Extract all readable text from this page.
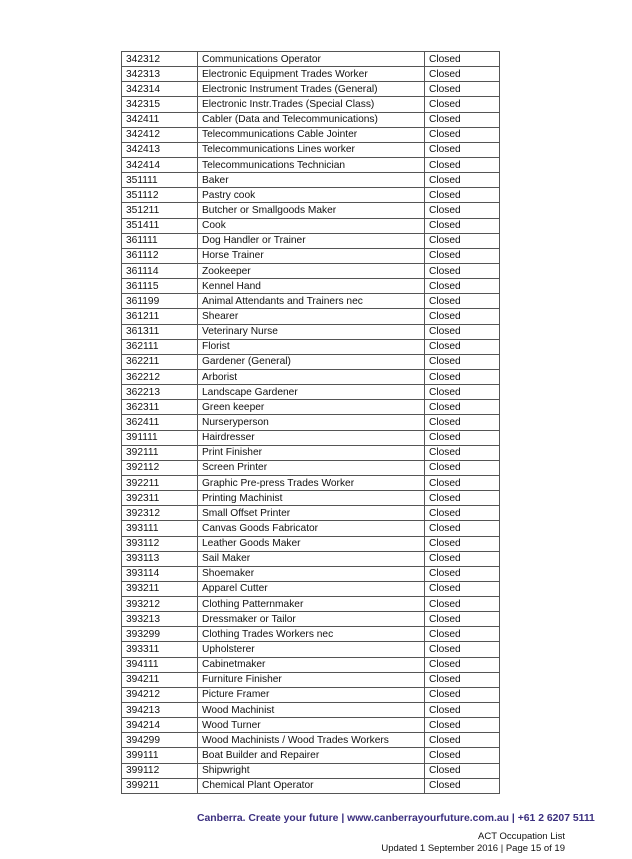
342312	Communications Operator	Closed
342313	Electronic Equipment Trades Worker	Closed
342314	Electronic Instrument Trades (General)	Closed
342315	Electronic Instr.Trades (Special Class)	Closed
342411	Cabler (Data and Telecommunications)	Closed
342412	Telecommunications Cable Jointer	Closed
342413	Telecommunications Lines worker	Closed
342414	Telecommunications Technician	Closed
351111	Baker	Closed
351112	Pastry cook	Closed
351211	Butcher or Smallgoods Maker	Closed
351411	Cook	Closed
361111	Dog Handler or Trainer	Closed
361112	Horse Trainer	Closed
361114	Zookeeper	Closed
361115	Kennel Hand	Closed
361199	Animal Attendants and Trainers nec	Closed
361211	Shearer	Closed
361311	Veterinary Nurse	Closed
362111	Florist	Closed
362211	Gardener (General)	Closed
362212	Arborist	Closed
362213	Landscape Gardener	Closed
362311	Green keeper	Closed
362411	Nurseryperson	Closed
391111	Hairdresser	Closed
392111	Print Finisher	Closed
392112	Screen Printer	Closed
392211	Graphic Pre-press Trades Worker	Closed
392311	Printing Machinist	Closed
392312	Small Offset Printer	Closed
393111	Canvas Goods Fabricator	Closed
393112	Leather Goods Maker	Closed
393113	Sail Maker	Closed
393114	Shoemaker	Closed
393211	Apparel Cutter	Closed
393212	Clothing Patternmaker	Closed
393213	Dressmaker or Tailor	Closed
393299	Clothing Trades Workers nec	Closed
393311	Upholsterer	Closed
394111	Cabinetmaker	Closed
394211	Furniture Finisher	Closed
394212	Picture Framer	Closed
394213	Wood Machinist	Closed
394214	Wood Turner	Closed
394299	Wood Machinists / Wood Trades Workers	Closed
399111	Boat Builder and Repairer	Closed
399112	Shipwright	Closed
399211	Chemical Plant Operator	Closed
Canberra. Create your future | www.canberrayourfuture.com.au | +61 2 6207 5111
ACT Occupation List
Updated 1 September 2016 | Page 15 of 19
